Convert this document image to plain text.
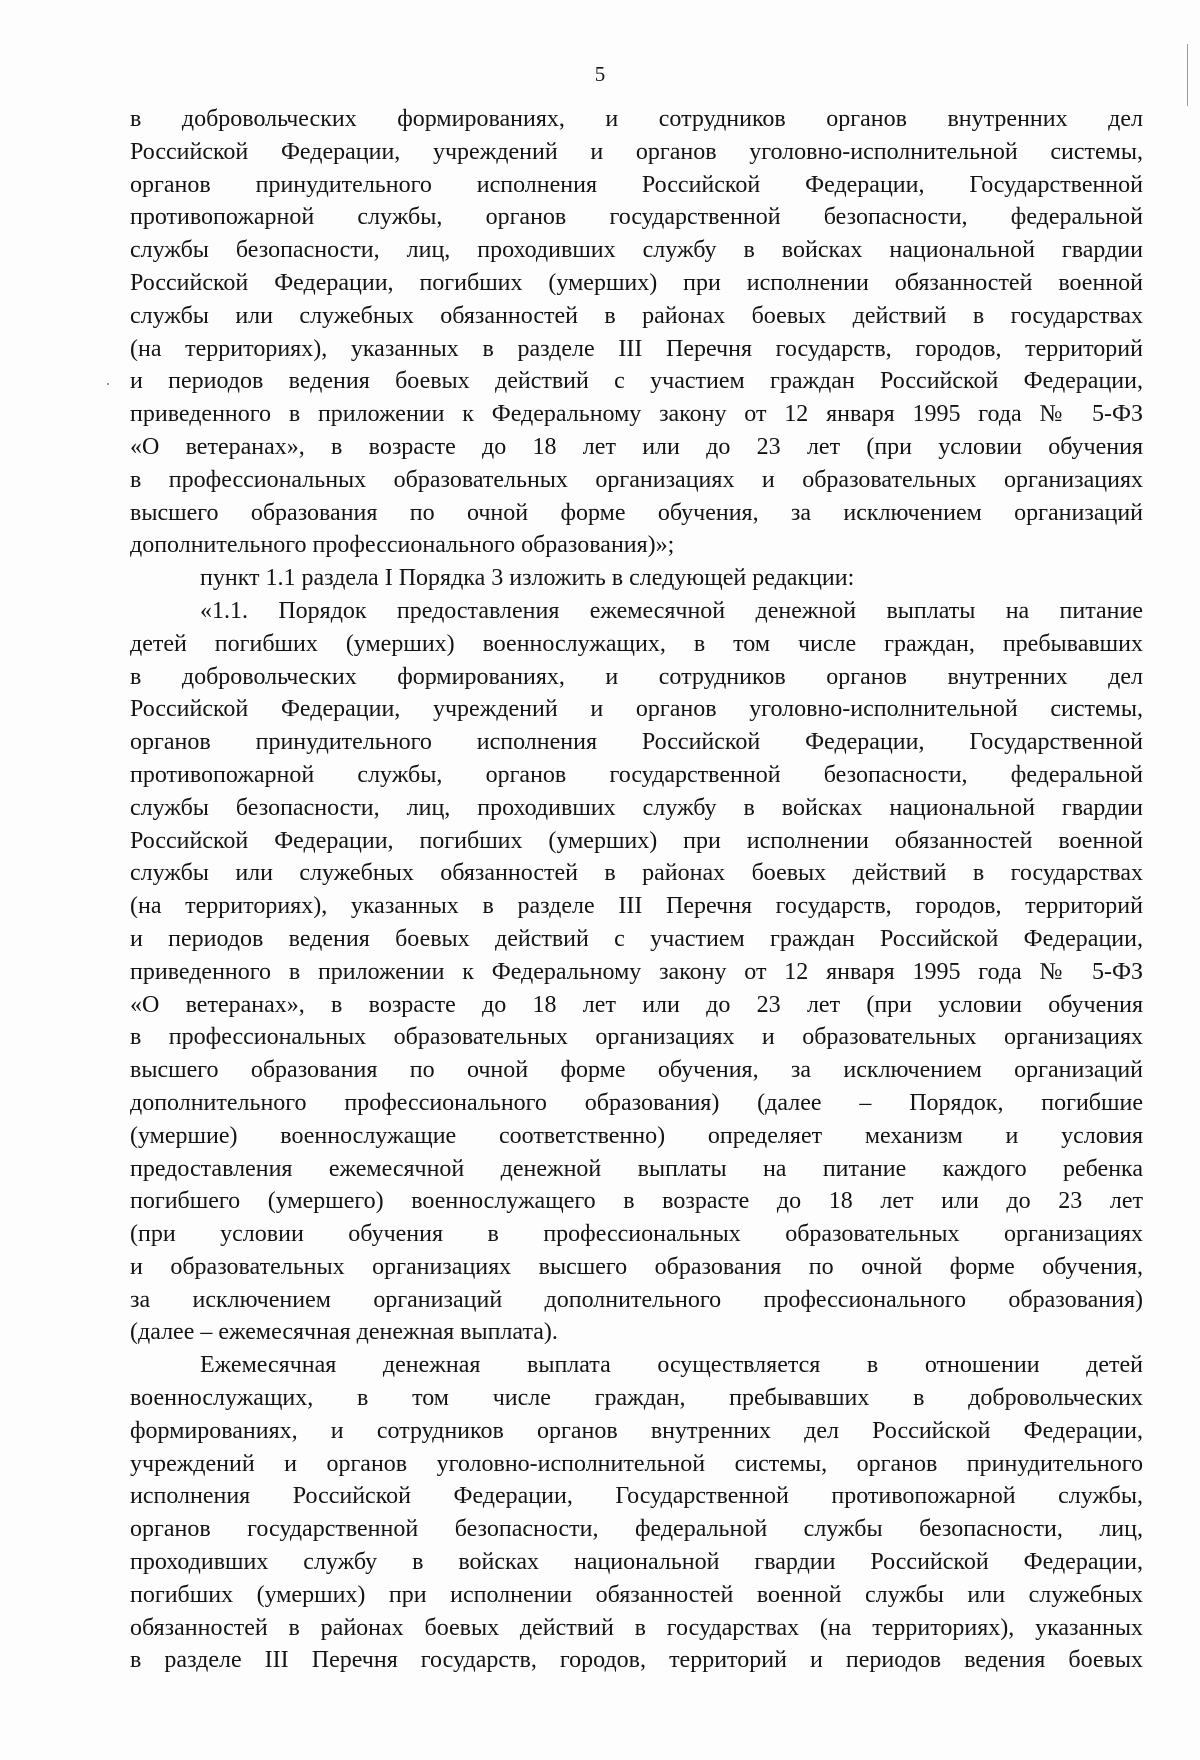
5
в добровольческих формированиях, и сотрудников органов внутренних дел
Российской Федерации, учреждений и органов уголовно-исполнительной системы,
органов принудительного исполнения Российской Федерации, Государственной
противопожарной службы, органов государственной безопасности, федеральной
службы безопасности, лиц, проходивших службу в войсках национальной гвардии
Российской Федерации, погибших (умерших) при исполнении обязанностей военной
службы или служебных обязанностей в районах боевых действий в государствах
(на территориях), указанных в разделе III Перечня государств, городов, территорий
и периодов ведения боевых действий с участием граждан Российской Федерации,
приведенного в приложении к Федеральному закону от 12 января 1995 года № 5-ФЗ
«О ветеранах», в возрасте до 18 лет или до 23 лет (при условии обучения
в профессиональных образовательных организациях и образовательных организациях
высшего образования по очной форме обучения, за исключением организаций
дополнительного профессионального образования)»;
пункт 1.1 раздела I Порядка 3 изложить в следующей редакции:
«1.1. Порядок предоставления ежемесячной денежной выплаты на питание
детей погибших (умерших) военнослужащих, в том числе граждан, пребывавших
в добровольческих формированиях, и сотрудников органов внутренних дел
Российской Федерации, учреждений и органов уголовно-исполнительной системы,
органов принудительного исполнения Российской Федерации, Государственной
противопожарной службы, органов государственной безопасности, федеральной
службы безопасности, лиц, проходивших службу в войсках национальной гвардии
Российской Федерации, погибших (умерших) при исполнении обязанностей военной
службы или служебных обязанностей в районах боевых действий в государствах
(на территориях), указанных в разделе III Перечня государств, городов, территорий
и периодов ведения боевых действий с участием граждан Российской Федерации,
приведенного в приложении к Федеральному закону от 12 января 1995 года № 5-ФЗ
«О ветеранах», в возрасте до 18 лет или до 23 лет (при условии обучения
в профессиональных образовательных организациях и образовательных организациях
высшего образования по очной форме обучения, за исключением организаций
дополнительного профессионального образования) (далее – Порядок, погибшие
(умершие) военнослужащие соответственно) определяет механизм и условия
предоставления ежемесячной денежной выплаты на питание каждого ребенка
погибшего (умершего) военнослужащего в возрасте до 18 лет или до 23 лет
(при условии обучения в профессиональных образовательных организациях
и образовательных организациях высшего образования по очной форме обучения,
за исключением организаций дополнительного профессионального образования)
(далее – ежемесячная денежная выплата).
Ежемесячная денежная выплата осуществляется в отношении детей
военнослужащих, в том числе граждан, пребывавших в добровольческих
формированиях, и сотрудников органов внутренних дел Российской Федерации,
учреждений и органов уголовно-исполнительной системы, органов принудительного
исполнения Российской Федерации, Государственной противопожарной службы,
органов государственной безопасности, федеральной службы безопасности, лиц,
проходивших службу в войсках национальной гвардии Российской Федерации,
погибших (умерших) при исполнении обязанностей военной службы или служебных
обязанностей в районах боевых действий в государствах (на территориях), указанных
в разделе III Перечня государств, городов, территорий и периодов ведения боевых
